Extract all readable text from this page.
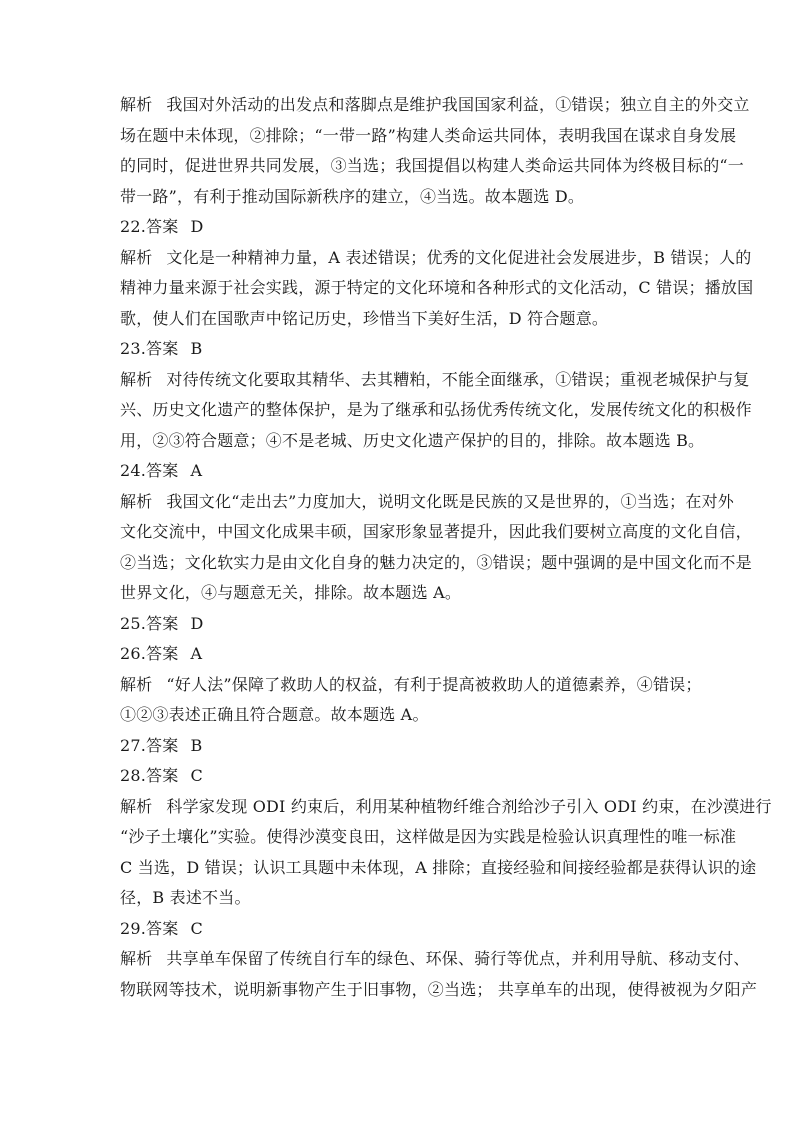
解析 我国对外活动的出发点和落脚点是维护我国国家利益，①错误；独立自主的外交立
场在题中未体现，②排除；“一带一路”构建人类命运共同体，表明我国在谋求自身发展
的同时，促进世界共同发展，③当选；我国提倡以构建人类命运共同体为终极目标的“一
带一路”，有利于推动国际新秩序的建立，④当选。故本题选 D。
22.答案 D
解析 文化是一种精神力量，A 表述错误；优秀的文化促进社会发展进步，B 错误；人的
精神力量来源于社会实践，源于特定的文化环境和各种形式的文化活动，C 错误；播放国
歌，使人们在国歌声中铭记历史，珍惜当下美好生活，D 符合题意。
23.答案 B
解析 对待传统文化要取其精华、去其糟粕，不能全面继承，①错误；重视老城保护与复
兴、历史文化遗产的整体保护，是为了继承和弘扬优秀传统文化，发展传统文化的积极作
用，②③符合题意；④不是老城、历史文化遗产保护的目的，排除。故本题选 B。
24.答案 A
解析 我国文化“走出去”力度加大，说明文化既是民族的又是世界的，①当选；在对外
文化交流中，中国文化成果丰硕，国家形象显著提升，因此我们要树立高度的文化自信，
②当选；文化软实力是由文化自身的魅力决定的，③错误；题中强调的是中国文化而不是
世界文化，④与题意无关，排除。故本题选 A。
25.答案 D
26.答案 A
解析 “好人法”保障了救助人的权益，有利于提高被救助人的道德素养，④错误；
①②③表述正确且符合题意。故本题选 A。
27.答案 B
28.答案 C
解析 科学家发现 ODI 约束后，利用某种植物纤维合剂给沙子引入 ODI 约束，在沙漠进行
“沙子土壤化”实验。使得沙漠变良田，这样做是因为实践是检验认识真理性的唯一标准
C 当选，D 错误；认识工具题中未体现，A 排除；直接经验和间接经验都是获得认识的途
径，B 表述不当。
29.答案 C
解析 共享单车保留了传统自行车的绿色、环保、骑行等优点，并利用导航、移动支付、
物联网等技术，说明新事物产生于旧事物，②当选； 共享单车的出现，使得被视为夕阳产
